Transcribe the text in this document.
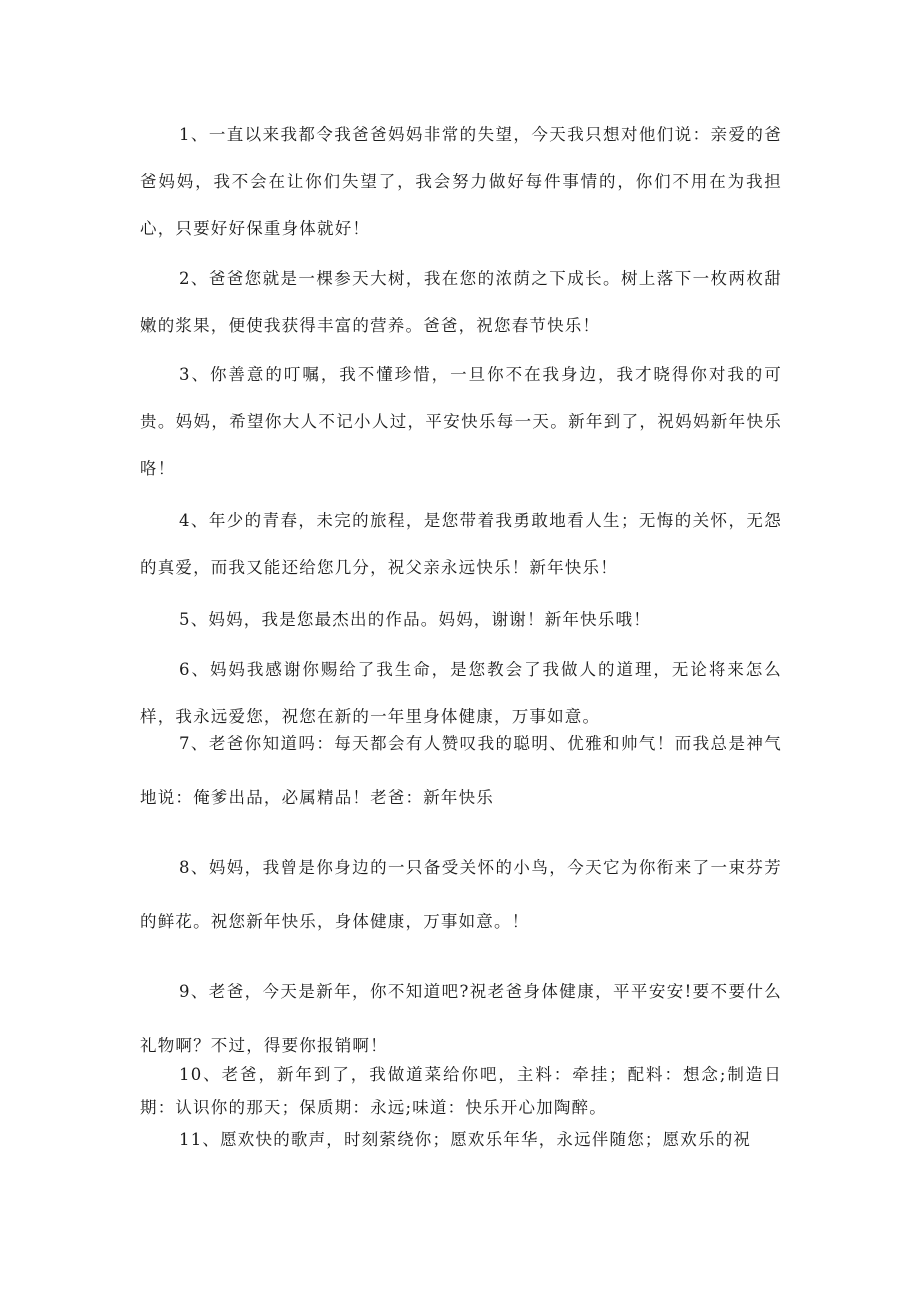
1、一直以来我都令我爸爸妈妈非常的失望，今天我只想对他们说：亲爱的爸爸妈妈，我不会在让你们失望了，我会努力做好每件事情的，你们不用在为我担心，只要好好保重身体就好！

2、爸爸您就是一棵参天大树，我在您的浓荫之下成长。树上落下一枚两枚甜嫩的浆果，便使我获得丰富的营养。爸爸，祝您春节快乐！

3、你善意的叮嘱，我不懂珍惜，一旦你不在我身边，我才晓得你对我的可贵。妈妈，希望你大人不记小人过，平安快乐每一天。新年到了，祝妈妈新年快乐咯！

4、年少的青春，未完的旅程，是您带着我勇敢地看人生；无悔的关怀，无怨的真爱，而我又能还给您几分，祝父亲永远快乐！新年快乐！

5、妈妈，我是您最杰出的作品。妈妈，谢谢！新年快乐哦！

6、妈妈我感谢你赐给了我生命，是您教会了我做人的道理，无论将来怎么样，我永远爱您，祝您在新的一年里身体健康，万事如意。

7、老爸你知道吗：每天都会有人赞叹我的聪明、优雅和帅气！而我总是神气地说：俺爹出品，必属精品！老爸：新年快乐

8、妈妈，我曾是你身边的一只备受关怀的小鸟，今天它为你衔来了一束芬芳的鲜花。祝您新年快乐，身体健康，万事如意。！

9、老爸，今天是新年，你不知道吧?祝老爸身体健康，平平安安!要不要什么礼物啊？不过，得要你报销啊！

10、老爸，新年到了，我做道菜给你吧，主料：牵挂；配料：想念;制造日期：认识你的那天；保质期：永远;味道：快乐开心加陶醉。

11、愿欢快的歌声，时刻萦绕你；愿欢乐年华，永远伴随您；愿欢乐的祝
